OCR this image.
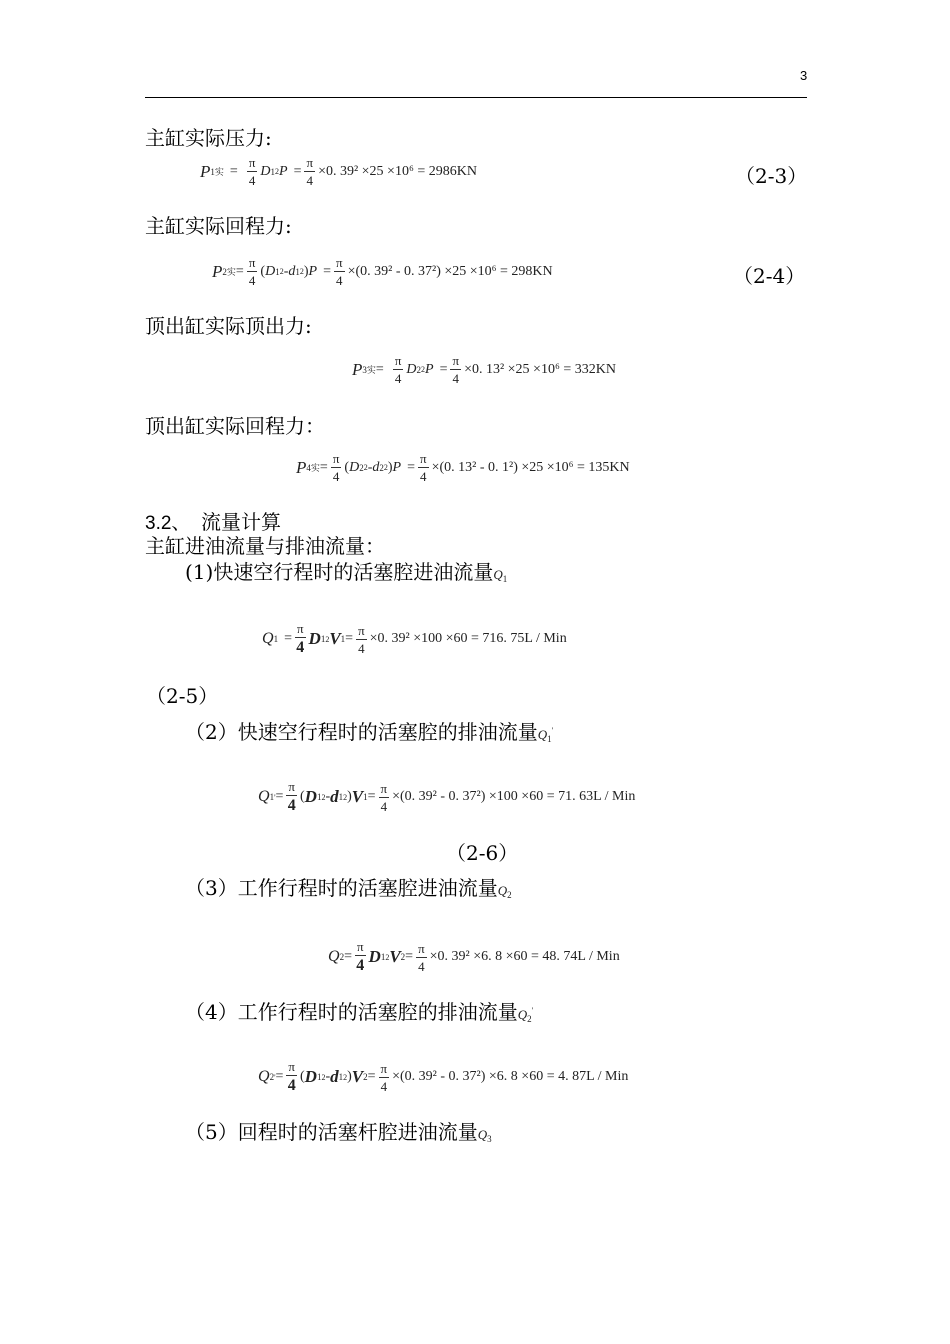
3
主缸实际压力:
P 1实 = $\frac{\pi}{4}$ D 1 2 $P = \frac{\pi}{4} \times 0$. 39² ×25 ×10⁶ = 2986KN	（2-3）
主缸实际回程力:
P 2实 = $\frac{\pi}{4}$ ( D 1 2 - d 1 2 ) $P = \frac{\pi}{4} \times(0$. 39² - 0. 37²) ×25 ×10⁶ = 298KN	（2-4）
顶出缸实际顶出力:
P 3实 = $\frac{\pi}{4}$ D 2 2 $P = \frac{\pi}{4} \times 0$. 13² ×25 ×10⁶ = 332KN
顶出缸实际回程力：
P 4实 = $\frac{\pi}{4}$ ( D 2 2 - d 2 2 ) $P = \frac{\pi}{4} \times(0$. 13² - 0. 1²) ×25 ×10⁶ = 135KN
3.2、 流量计算
主缸进油流量与排油流量：
(1)快速空行程时的活塞腔进油流量$Q_1$
Q $1 = \frac{\pi}{4}$ D 1 2 V $1 = \frac{\pi}{4} \times 0$. 39² ×100 ×60 = 716. 75L / Min
（2-5）
（2）快速空行程时的活塞腔的排油流量$Q_1'$
Q 1 ' = $\frac{\pi}{4}$ ( D 1 2 - d 1 2 ) V $1 = \frac{\pi}{4} \times(0$. 39² - 0. 37²) ×100 ×60 = 71. 63L / Min
（2-6）
（3）工作行程时的活塞腔进油流量$Q_2$
Q $2 = \frac{\pi}{4}$ D 1 2 V $2 = \frac{\pi}{4} \times 0$. 39² ×6. 8 ×60 = 48. 74L / Min
（4）工作行程时的活塞腔的排油流量$Q_2'$
Q 2 ' = $\frac{\pi}{4}$ ( D 1 2 - d 1 2 ) V $2 = \frac{\pi}{4} \times(0$. 39² - 0. 37²) ×6. 8 ×60 = 4. 87L / Min
（5）回程时的活塞杆腔进油流量$Q_3$
